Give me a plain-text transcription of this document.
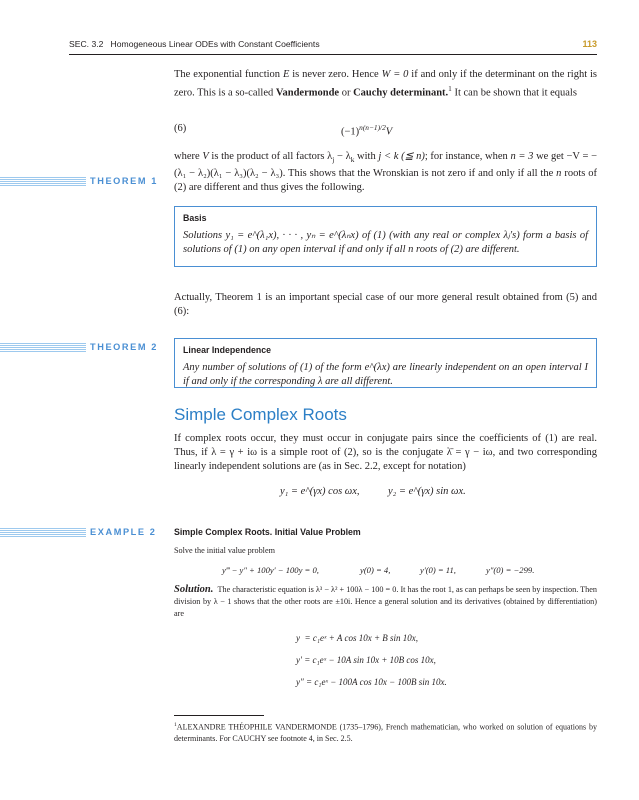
SEC. 3.2   Homogeneous Linear ODEs with Constant Coefficients	113

The exponential function E is never zero. Hence W = 0 if and only if the determinant on the right is zero. This is a so-called Vandermonde or Cauchy determinant.$^1$ It can be shown that it equals

(6)	$(-1)^{n(n-1)/2}V$

where V is the product of all factors $\lambda_j - \lambda_k$ with j < k (≦ n); for instance, when n = 3 we get −V = −(λ₁ − λ₂)(λ₁ − λ₃)(λ₂ − λ₃). This shows that the Wronskian is not zero if and only if all the n roots of (2) are different and thus gives the following.

THEOREM 1

Basis

Solutions y₁ = e^(λ₁x), · · · , yₙ = e^(λₙx) of (1) (with any real or complex λⱼ's) form a basis of solutions of (1) on any open interval if and only if all n roots of (2) are different.

Actually, Theorem 1 is an important special case of our more general result obtained from (5) and (6):

THEOREM 2	Linear Independence

Any number of solutions of (1) of the form e^(λx) are linearly independent on an open interval I if and only if the corresponding λ are all different.

Simple Complex Roots

If complex roots occur, they must occur in conjugate pairs since the coefficients of (1) are real. Thus, if λ = γ + iω is a simple root of (2), so is the conjugate λ̄ = γ − iω, and two corresponding linearly independent solutions are (as in Sec. 2.2, except for notation)

y₁ = e^(γx) cos ωx,	y₂ = e^(γx) sin ωx.
EXAMPLE 2 Simple Complex Roots. Initial Value Problem
Solve the initial value problem
y‴ − y″ + 100y′ − 100y = 0,	y(0) = 4,	y′(0) = 11,	y″(0) = −299.

Solution. The characteristic equation is λ³ − λ² + 100λ − 100 = 0. It has the root 1, as can perhaps be seen by inspection. Then division by λ − 1 shows that the other roots are ±10i. Hence a general solution and its derivatives (obtained by differentiation) are

y  = c₁eˣ + A cos 10x + B sin 10x,
y′ = c₁eˣ − 10A sin 10x + 10B cos 10x,
y″ = c₁eˣ − 100A cos 10x − 100B sin 10x.

$^1$ALEXANDRE THÉOPHILE VANDERMONDE (1735–1796), French mathematician, who worked on solution of equations by determinants. For CAUCHY see footnote 4, in Sec. 2.5.
